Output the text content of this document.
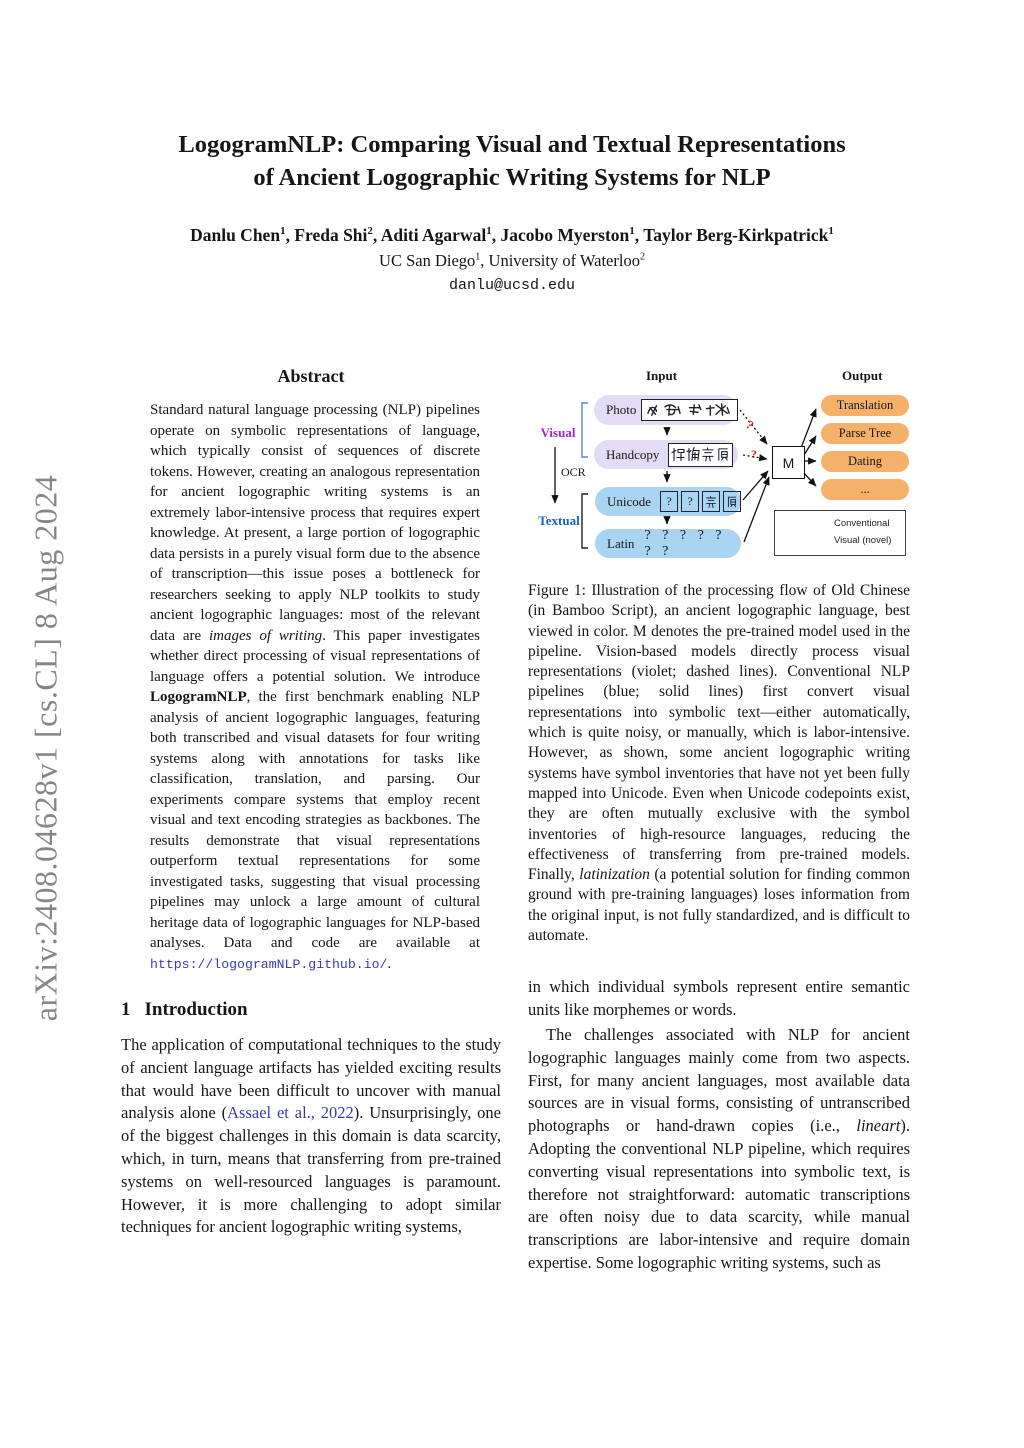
arXiv:2408.04628v1 [cs.CL] 8 Aug 2024
LogogramNLP: Comparing Visual and Textual Representations
of Ancient Logographic Writing Systems for NLP
Danlu Chen$^1$, Freda Shi$^2$, Aditi Agarwal$^1$, Jacobo Myerston$^1$, Taylor Berg-Kirkpatrick$^1$
UC San Diego$^1$, University of Waterloo$^2$
danlu@ucsd.edu
Abstract

Standard natural language processing (NLP) pipelines operate on symbolic representations of language, which typically consist of sequences of discrete tokens. However, creating an analogous representation for ancient logographic writing systems is an extremely labor-intensive process that requires expert knowledge. At present, a large portion of logographic data persists in a purely visual form due to the absence of transcription—this issue poses a bottleneck for researchers seeking to apply NLP toolkits to study ancient logographic languages: most of the relevant data are images of writing. This paper investigates whether direct processing of visual representations of language offers a potential solution. We introduce LogogramNLP, the first benchmark enabling NLP analysis of ancient logographic languages, featuring both transcribed and visual datasets for four writing systems along with annotations for tasks like classification, translation, and parsing. Our experiments compare systems that employ recent visual and text encoding strategies as backbones. The results demonstrate that visual representations outperform textual representations for some investigated tasks, suggesting that visual processing pipelines may unlock a large amount of cultural heritage data of logographic languages for NLP-based analyses. Data and code are available at https://logogramNLP.github.io/.

1 Introduction

The application of computational techniques to the study of ancient language artifacts has yielded exciting results that would have been difficult to uncover with manual analysis alone (Assael et al., 2022). Unsurprisingly, one of the biggest challenges in this domain is data scarcity, which, in turn, means that transferring from pre-trained systems on well-resourced languages is paramount. However, it is more challenging to adopt similar techniques for ancient logographic writing systems,

?
?
Input	Output
Visual
OCR
Textual
Photo
Handcopy
Unicode	?	?
Latin
? ? ? ? ? ? ?
M
Translation
Parse Tree
Dating
...
Conventional
Visual (novel)

Figure 1: Illustration of the processing flow of Old Chinese (in Bamboo Script), an ancient logographic language, best viewed in color. M denotes the pre-trained model used in the pipeline. Vision-based models directly process visual representations (violet; dashed lines). Conventional NLP pipelines (blue; solid lines) first convert visual representations into symbolic text—either automatically, which is quite noisy, or manually, which is labor-intensive. However, as shown, some ancient logographic writing systems have symbol inventories that have not yet been fully mapped into Unicode. Even when Unicode codepoints exist, they are often mutually exclusive with the symbol inventories of high-resource languages, reducing the effectiveness of transferring from pre-trained models. Finally, latinization (a potential solution for finding common ground with pre-training languages) loses information from the original input, is not fully standardized, and is difficult to automate.

in which individual symbols represent entire semantic units like morphemes or words.

The challenges associated with NLP for ancient logographic languages mainly come from two aspects. First, for many ancient languages, most available data sources are in visual forms, consisting of untranscribed photographs or hand-drawn copies (i.e., lineart). Adopting the conventional NLP pipeline, which requires converting visual representations into symbolic text, is therefore not straightforward: automatic transcriptions are often noisy due to data scarcity, while manual transcriptions are labor-intensive and require domain expertise. Some logographic writing systems, such as
